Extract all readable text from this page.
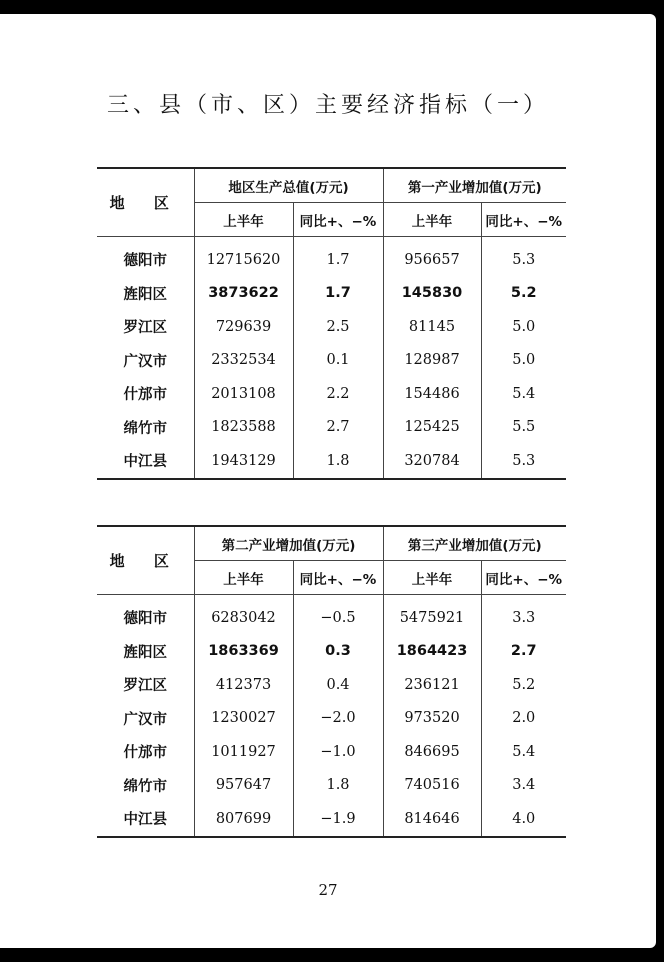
三、县（市、区）主要经济指标（一）
地 区	地区生产总值(万元)		第一产业增加值(万元)	
	上半年	同比+、−%	上半年	同比+、−%
德阳市	12715620	1.7	956657	5.3
旌阳区	3873622	1.7	145830	5.2
罗江区	729639	2.5	81145	5.0
广汉市	2332534	0.1	128987	5.0
什邡市	2013108	2.2	154486	5.4
绵竹市	1823588	2.7	125425	5.5
中江县	1943129	1.8	320784	5.3
地 区	第二产业增加值(万元)		第三产业增加值(万元)	
	上半年	同比+、−%	上半年	同比+、−%
德阳市	6283042	−0.5	5475921	3.3
旌阳区	1863369	0.3	1864423	2.7
罗江区	412373	0.4	236121	5.2
广汉市	1230027	−2.0	973520	2.0
什邡市	1011927	−1.0	846695	5.4
绵竹市	957647	1.8	740516	3.4
中江县	807699	−1.9	814646	4.0
27
